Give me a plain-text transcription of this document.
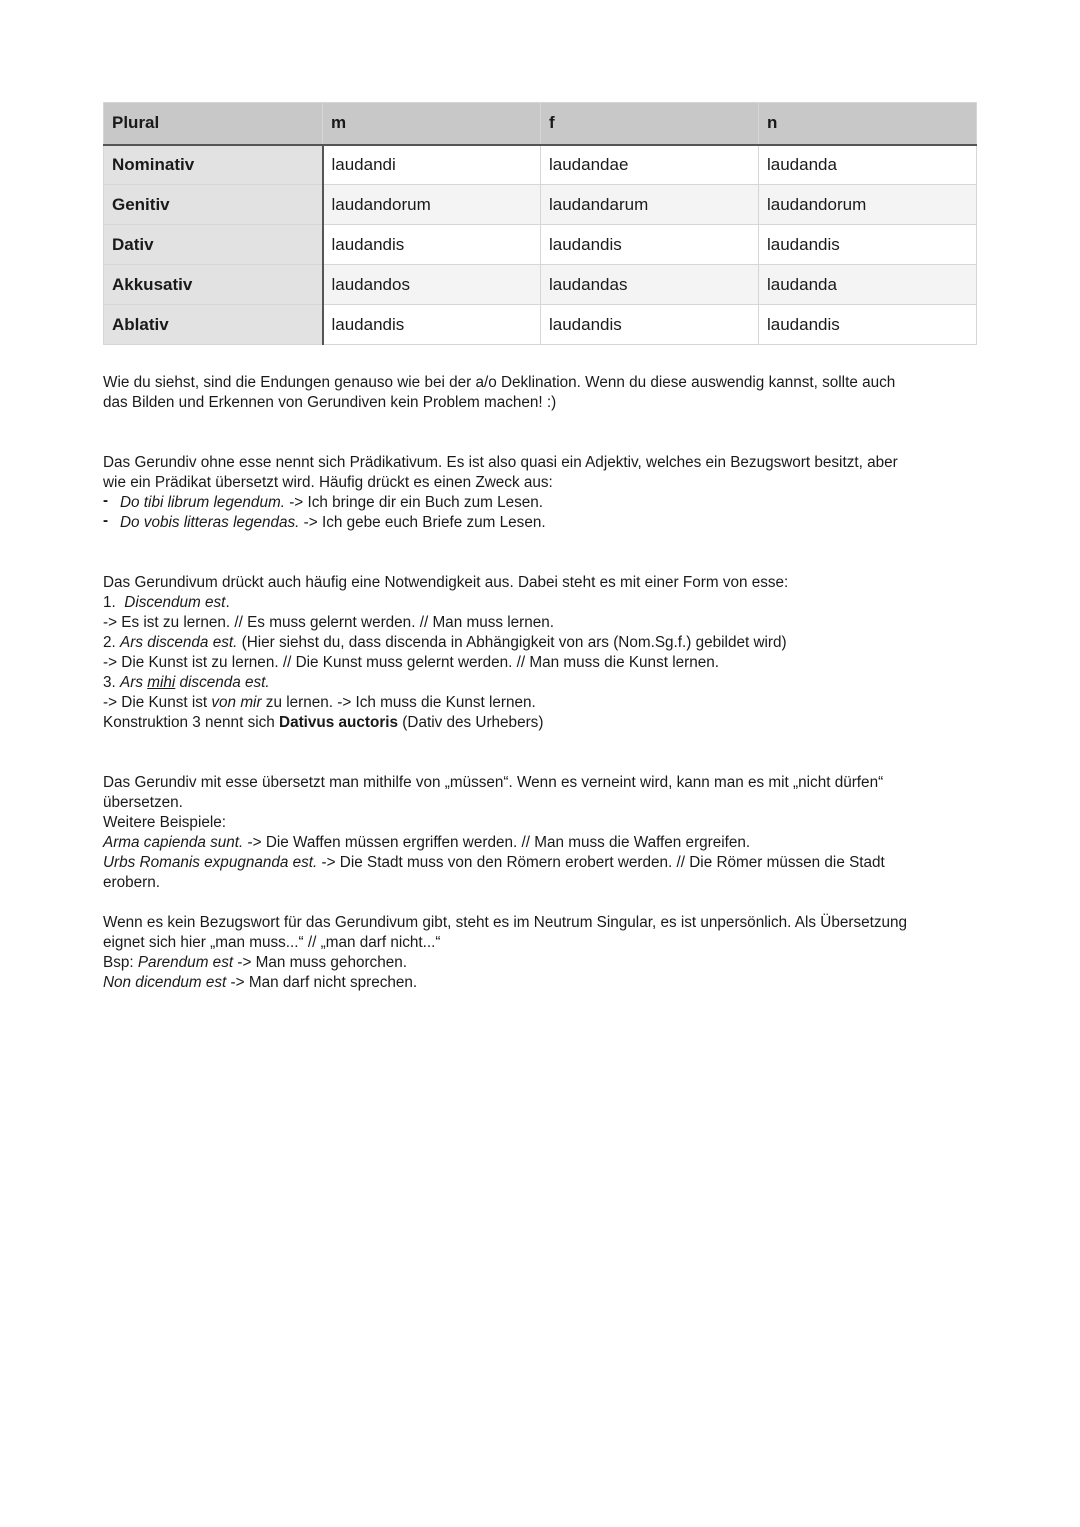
Plural	m	f	n
Nominativ	laudandi	laudandae	laudanda
Genitiv	laudandorum	laudandarum	laudandorum
Dativ	laudandis	laudandis	laudandis
Akkusativ	laudandos	laudandas	laudanda
Ablativ	laudandis	laudandis	laudandis

Wie du siehst, sind die Endungen genauso wie bei der a/o Deklination. Wenn du diese auswendig kannst, sollte auch

das Bilden und Erkennen von Gerundiven kein Problem machen! :)

Das Gerundiv ohne esse nennt sich Prädikativum. Es ist also quasi ein Adjektiv, welches ein Bezugswort besitzt, aber

wie ein Prädikat übersetzt wird. Häufig drückt es einen Zweck aus:

- Do tibi librum legendum. -> Ich bringe dir ein Buch zum Lesen.

- Do vobis litteras legendas. -> Ich gebe euch Briefe zum Lesen.

Das Gerundivum drückt auch häufig eine Notwendigkeit aus. Dabei steht es mit einer Form von esse:

1.  Discendum est.

-> Es ist zu lernen. // Es muss gelernt werden. // Man muss lernen.

2. Ars discenda est. (Hier siehst du, dass discenda in Abhängigkeit von ars (Nom.Sg.f.) gebildet wird)

-> Die Kunst ist zu lernen. // Die Kunst muss gelernt werden. // Man muss die Kunst lernen.

3. Ars mihi discenda est.

-> Die Kunst ist von mir zu lernen. -> Ich muss die Kunst lernen.

Konstruktion 3 nennt sich Dativus auctoris (Dativ des Urhebers)

Das Gerundiv mit esse übersetzt man mithilfe von „müssen“. Wenn es verneint wird, kann man es mit „nicht dürfen“

übersetzen.

Weitere Beispiele:

Arma capienda sunt. -> Die Waffen müssen ergriffen werden. // Man muss die Waffen ergreifen.

Urbs Romanis expugnanda est. -> Die Stadt muss von den Römern erobert werden. // Die Römer müssen die Stadt

erobern.

Wenn es kein Bezugswort für das Gerundivum gibt, steht es im Neutrum Singular, es ist unpersönlich. Als Übersetzung

eignet sich hier „man muss...“ // „man darf nicht...“

Bsp: Parendum est -> Man muss gehorchen.

Non dicendum est -> Man darf nicht sprechen.
